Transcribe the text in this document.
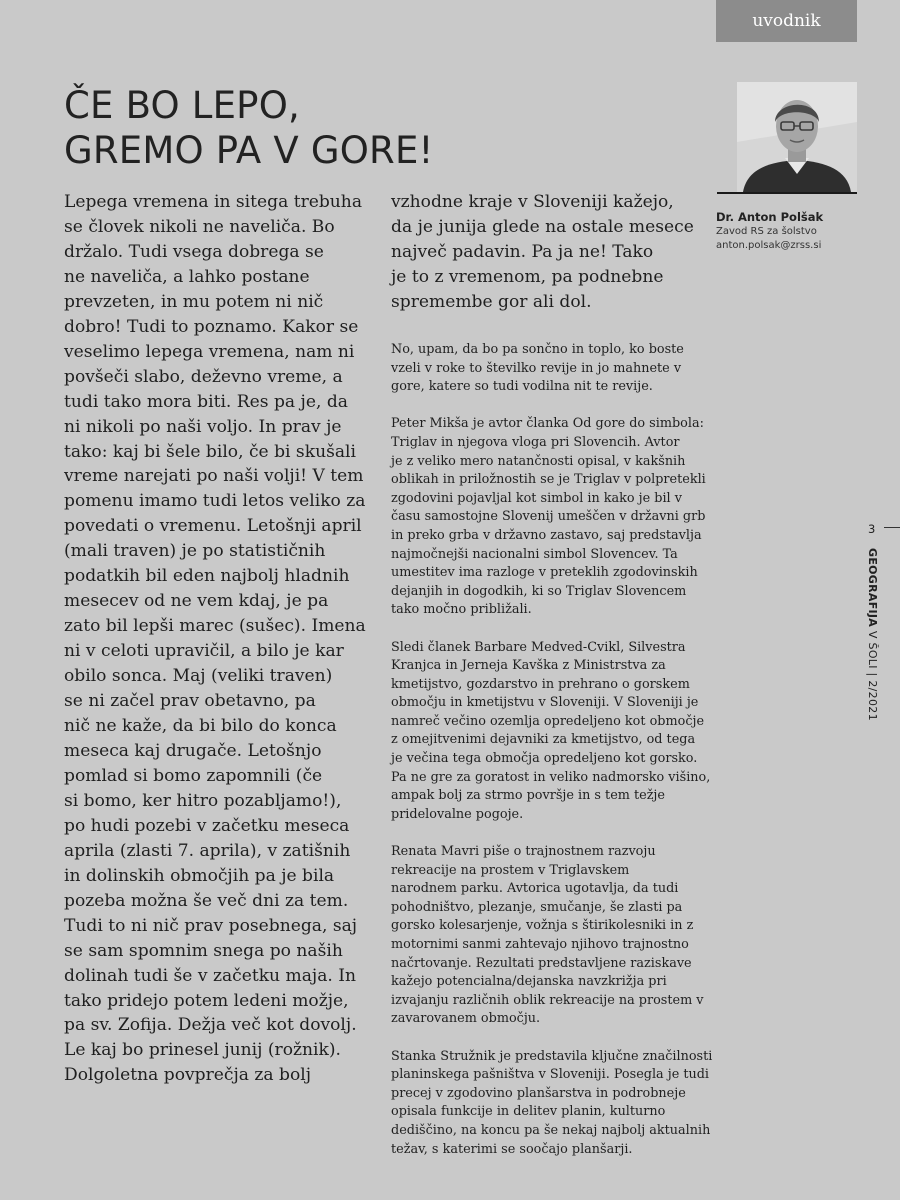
uvodnik
ČE BO LEPO,
GREMO PA V GORE!
Lepega vremena in sitega trebuha
se človek nikoli ne naveliča. Bo
držalo. Tudi vsega dobrega se
ne naveliča, a lahko postane
prevzeten, in mu potem ni nič
dobro! Tudi to poznamo. Kakor se
veselimo lepega vremena, nam ni
povšeči slabo, deževno vreme, a
tudi tako mora biti. Res pa je, da
ni nikoli po naši voljo. In prav je
tako: kaj bi šele bilo, če bi skušali
vreme narejati po naši volji! V tem
pomenu imamo tudi letos veliko za
povedati o vremenu. Letošnji april
(mali traven) je po statističnih
podatkih bil eden najbolj hladnih
mesecev od ne vem kdaj, je pa
zato bil lepši marec (sušec). Imena
ni v celoti upravičil, a bilo je kar
obilo sonca. Maj (veliki traven)
se ni začel prav obetavno, pa
nič ne kaže, da bi bilo do konca
meseca kaj drugače. Letošnjo
pomlad si bomo zapomnili (če
si bomo, ker hitro pozabljamo!),
po hudi pozebi v začetku meseca
aprila (zlasti 7. aprila), v zatišnih
in dolinskih območjih pa je bila
pozeba možna še več dni za tem.
Tudi to ni nič prav posebnega, saj
se sam spomnim snega po naših
dolinah tudi še v začetku maja. In
tako pridejo potem ledeni možje,
pa sv. Zofija. Dežja več kot dovolj.
Le kaj bo prinesel junij (rožnik).
Dolgoletna povprečja za bolj
vzhodne kraje v Sloveniji kažejo,
da je junija glede na ostale mesece
največ padavin. Pa ja ne! Tako
je to z vremenom, pa podnebne
spremembe gor ali dol.

No, upam, da bo pa sončno in toplo, ko boste
vzeli v roke to številko revije in jo mahnete v
gore, katere so tudi vodilna nit te revije.

Peter Mikša je avtor članka Od gore do simbola:
Triglav in njegova vloga pri Slovencih. Avtor
je z veliko mero natančnosti opisal, v kakšnih
oblikah in priložnostih se je Triglav v polpretekli
zgodovini pojavljal kot simbol in kako je bil v
času samostojne Slovenij umeščen v državni grb
in preko grba v državno zastavo, saj predstavlja
najmočnejši nacionalni simbol Slovencev. Ta
umestitev ima razloge v preteklih zgodovinskih
dejanjih in dogodkih, ki so Triglav Slovencem
tako močno približali.

Sledi članek Barbare Medved-Cvikl, Silvestra
Kranjca in Jerneja Kavška z Ministrstva za
kmetijstvo, gozdarstvo in prehrano o gorskem
območju in kmetijstvu v Sloveniji. V Sloveniji je
namreč večino ozemlja opredeljeno kot območje
z omejitvenimi dejavniki za kmetijstvo, od tega
je večina tega območja opredeljeno kot gorsko.
Pa ne gre za goratost in veliko nadmorsko višino,
ampak bolj za strmo površje in s tem težje
pridelovalne pogoje.

Renata Mavri piše o trajnostnem razvoju
rekreacije na prostem v Triglavskem
narodnem parku. Avtorica ugotavlja, da tudi
pohodništvo, plezanje, smučanje, še zlasti pa
gorsko kolesarjenje, vožnja s štirikolesniki in z
motornimi sanmi zahtevajo njihovo trajnostno
načrtovanje. Rezultati predstavljene raziskave
kažejo potencialna/dejanska navzkrižja pri
izvajanju različnih oblik rekreacije na prostem v
zavarovanem območju.

Stanka Stružnik je predstavila ključne značilnosti
planinskega pašništva v Sloveniji. Posegla je tudi
precej v zgodovino planšarstva in podrobneje
opisala funkcije in delitev planin, kulturno
dediščino, na koncu pa še nekaj najbolj aktualnih
težav, s katerimi se soočajo planšarji.

Dr. Anton Polšak
Zavod RS za šolstvo
anton.polsak@zrss.si
3
GEOGRAFIJA V ŠOLI | 2/2021
